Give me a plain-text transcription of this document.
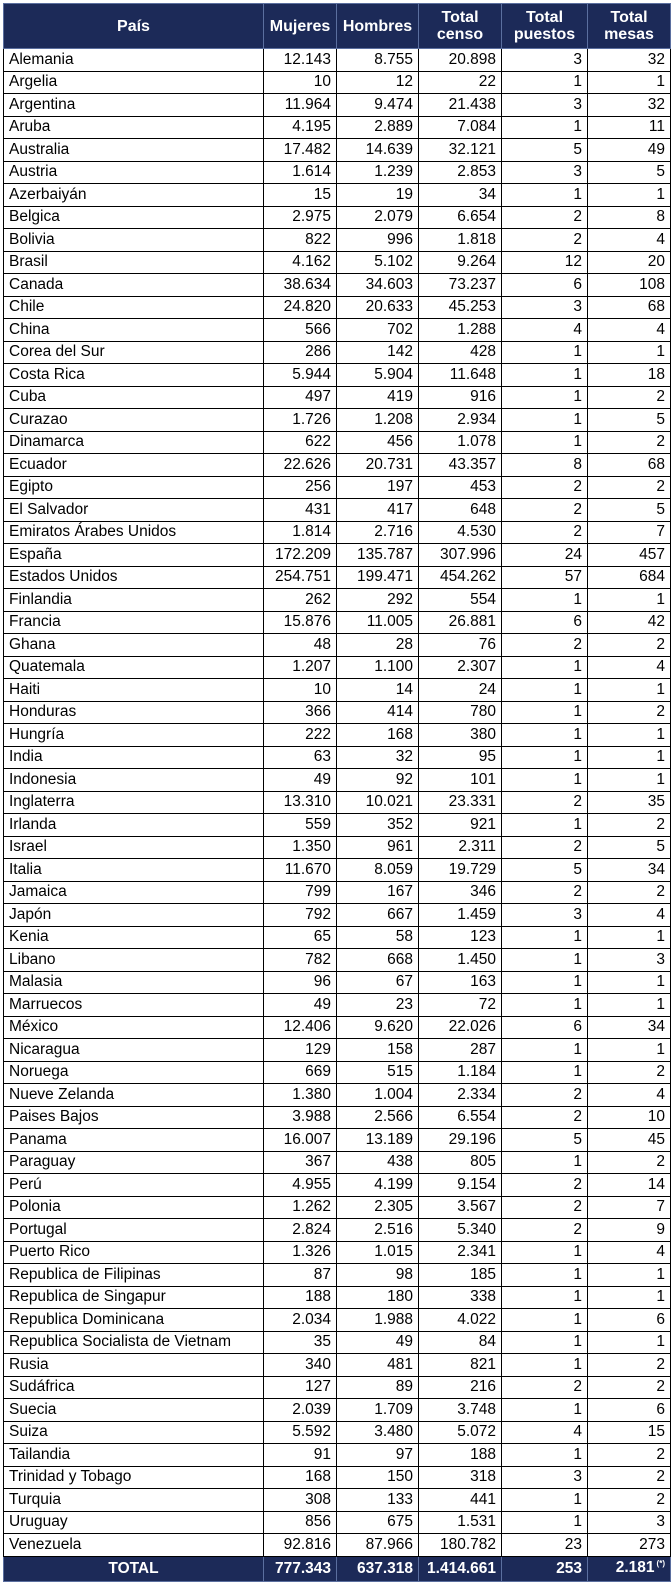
País	Mujeres	Hombres	Total censo	Total puestos	Total mesas
Alemania	12.143	8.755	20.898	3	32
Argelia	10	12	22	1	1
Argentina	11.964	9.474	21.438	3	32
Aruba	4.195	2.889	7.084	1	11
Australia	17.482	14.639	32.121	5	49
Austria	1.614	1.239	2.853	3	5
Azerbaiyán	15	19	34	1	1
Belgica	2.975	2.079	6.654	2	8
Bolivia	822	996	1.818	2	4
Brasil	4.162	5.102	9.264	12	20
Canada	38.634	34.603	73.237	6	108
Chile	24.820	20.633	45.253	3	68
China	566	702	1.288	4	4
Corea del Sur	286	142	428	1	1
Costa Rica	5.944	5.904	11.648	1	18
Cuba	497	419	916	1	2
Curazao	1.726	1.208	2.934	1	5
Dinamarca	622	456	1.078	1	2
Ecuador	22.626	20.731	43.357	8	68
Egipto	256	197	453	2	2
El Salvador	431	417	648	2	5
Emiratos Árabes Unidos	1.814	2.716	4.530	2	7
España	172.209	135.787	307.996	24	457
Estados Unidos	254.751	199.471	454.262	57	684
Finlandia	262	292	554	1	1
Francia	15.876	11.005	26.881	6	42
Ghana	48	28	76	2	2
Quatemala	1.207	1.100	2.307	1	4
Haiti	10	14	24	1	1
Honduras	366	414	780	1	2
Hungría	222	168	380	1	1
India	63	32	95	1	1
Indonesia	49	92	101	1	1
Inglaterra	13.310	10.021	23.331	2	35
Irlanda	559	352	921	1	2
Israel	1.350	961	2.311	2	5
Italia	11.670	8.059	19.729	5	34
Jamaica	799	167	346	2	2
Japón	792	667	1.459	3	4
Kenia	65	58	123	1	1
Libano	782	668	1.450	1	3
Malasia	96	67	163	1	1
Marruecos	49	23	72	1	1
México	12.406	9.620	22.026	6	34
Nicaragua	129	158	287	1	1
Noruega	669	515	1.184	1	2
Nueve Zelanda	1.380	1.004	2.334	2	4
Paises Bajos	3.988	2.566	6.554	2	10
Panama	16.007	13.189	29.196	5	45
Paraguay	367	438	805	1	2
Perú	4.955	4.199	9.154	2	14
Polonia	1.262	2.305	3.567	2	7
Portugal	2.824	2.516	5.340	2	9
Puerto Rico	1.326	1.015	2.341	1	4
Republica de Filipinas	87	98	185	1	1
Republica de Singapur	188	180	338	1	1
Republica Dominicana	2.034	1.988	4.022	1	6
Republica Socialista de Vietnam	35	49	84	1	1
Rusia	340	481	821	1	2
Sudáfrica	127	89	216	2	2
Suecia	2.039	1.709	3.748	1	6
Suiza	5.592	3.480	5.072	4	15
Tailandia	91	97	188	1	2
Trinidad y Tobago	168	150	318	3	2
Turquia	308	133	441	1	2
Uruguay	856	675	1.531	1	3
Venezuela	92.816	87.966	180.782	23	273
TOTAL	777.343	637.318	1.414.661	253	2.181 (*)
